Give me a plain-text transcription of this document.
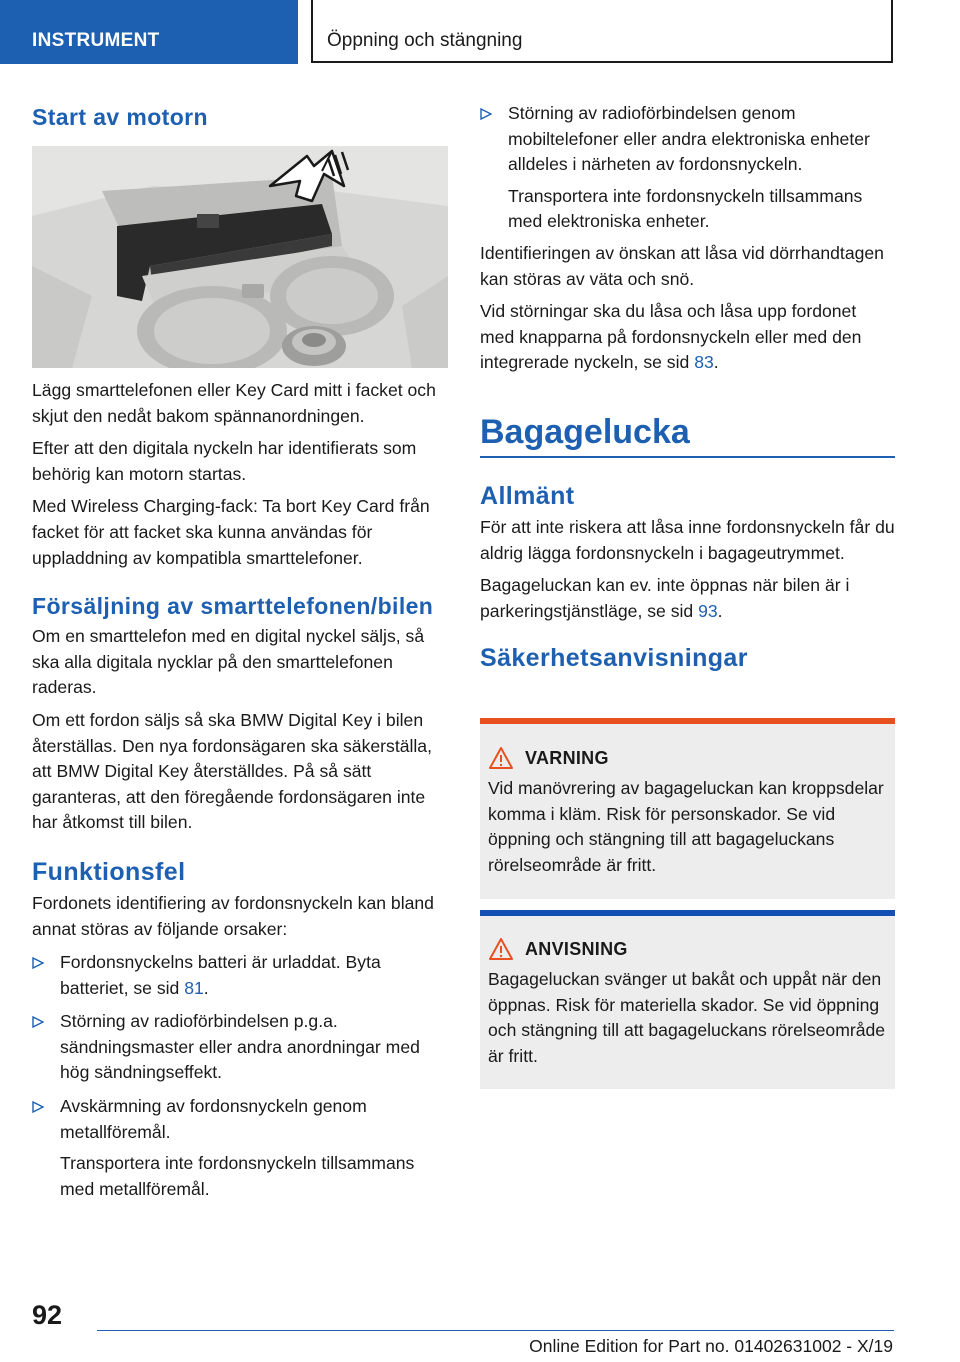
INSTRUMENT	Öppning och stängning
Start av motorn

Lägg smarttelefonen eller Key Card mitt i facket och skjut den nedåt bakom spännanordningen.

Efter att den digitala nyckeln har identifierats som behörig kan motorn startas.

Med Wireless Charging-fack: Ta bort Key Card från facket för att facket ska kunna användas för uppladdning av kompatibla smarttelefoner.

Försäljning av smarttelefonen/bilen

Om en smarttelefon med en digital nyckel säljs, så ska alla digitala nycklar på den smarttelefonen raderas.

Om ett fordon säljs så ska BMW Digital Key i bilen återställas. Den nya fordonsägaren ska säkerställa, att BMW Digital Key återställdes. På så sätt garanteras, att den föregående fordonsägaren inte har åtkomst till bilen.

Funktionsfel

Fordonets identifiering av fordonsnyckeln kan bland annat störas av följande orsaker:

Fordonsnyckelns batteri är urladdat. Byta batteriet, se sid 81.
Störning av radioförbindelsen p.g.a. sändningsmaster eller andra anordningar med hög sändningseffekt.
Avskärmning av fordonsnyckeln genom metallföremål.
Transportera inte fordonsnyckeln tillsammans med metallföremål.
Störning av radioförbindelsen genom mobiltelefoner eller andra elektroniska enheter alldeles i närheten av fordonsnyckeln.
Transportera inte fordonsnyckeln tillsammans med elektroniska enheter.

Identifieringen av önskan att låsa vid dörrhandtagen kan störas av väta och snö.

Vid störningar ska du låsa och låsa upp fordonet med knapparna på fordonsnyckeln eller med den integrerade nyckeln, se sid 83.

Bagagelucka
Allmänt

För att inte riskera att låsa inne fordonsnyckeln får du aldrig lägga fordonsnyckeln i bagageutrymmet.

Bagageluckan kan ev. inte öppnas när bilen är i parkeringstjänstläge, se sid 93.

Säkerhetsanvisningar
VARNING

Vid manövrering av bagageluckan kan kroppsdelar komma i kläm. Risk för personskador. Se vid öppning och stängning till att bagageluckans rörelseområde är fritt.

ANVISNING

Bagageluckan svänger ut bakåt och uppåt när den öppnas. Risk för materiella skador. Se vid öppning och stängning till att bagageluckans rörelseområde är fritt.

92
Online Edition for Part no. 01402631002 - X/19
